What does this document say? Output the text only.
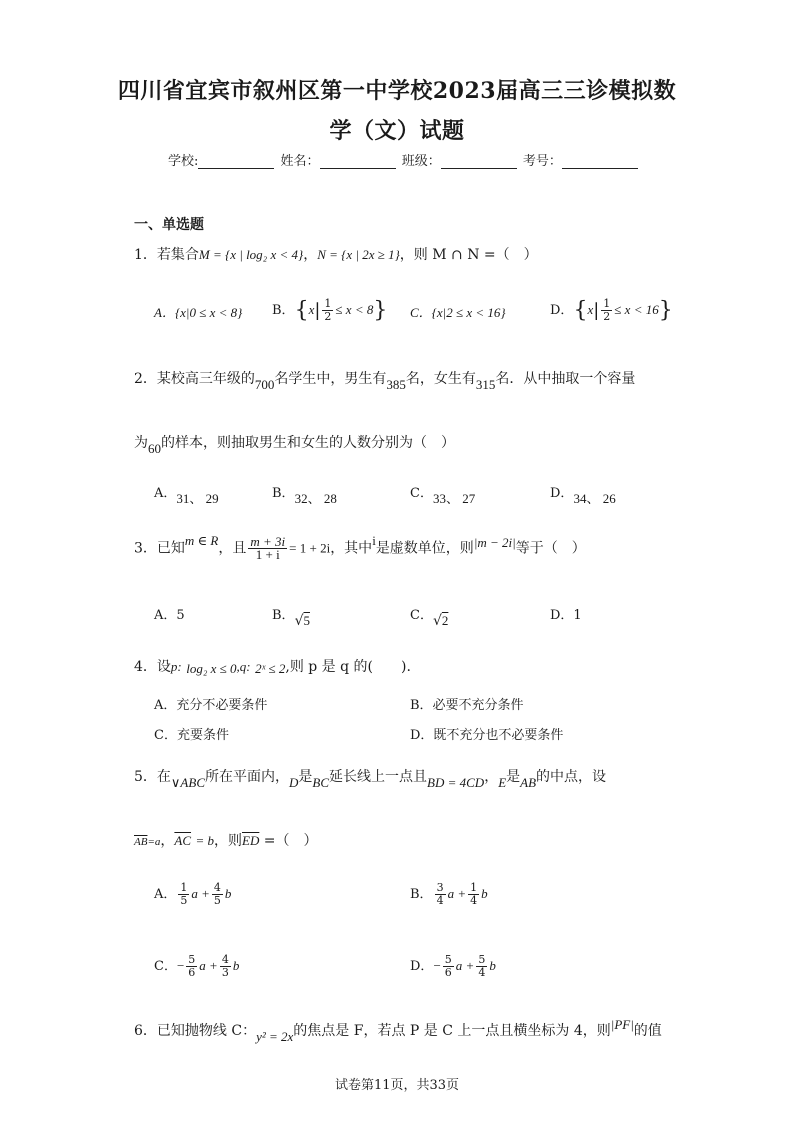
四川省宜宾市叙州区第一中学校2023届高三三诊模拟数
学（文）试题
学校:	姓名：	班级：	考号：
一、单选题
1．若集合M = {x | log₂ x < 4}，N = {x | 2x ≥ 1}，则 M ∩ N =（　）
A．{x|0 ≤ x < 8} B．$\{x| \frac{1}{2} \le x < 8\}$ C．{x|2 ≤ x < 16}	D．$\{x| \frac{1}{2} \le x < 16\}$
2．某校高三年级的700名学生中，男生有385名，女生有315名．从中抽取一个容量
为60的样本，则抽取男生和女生的人数分别为（　）
A．31、 29	B．32、 28	C．33、 27	D．34、 26
3．已知m ∈ R，且 $\frac{m + 3i}{1 + i} = 1 + 2i$，其中i是虚数单位，则|m − 2i|等于（　）
A．5	B．√5	C．√2	D．1
4．设p: log₂ x ≤ 0,q: 2ˣ ≤ 2,则 p 是 q 的(　　).
A．充分不必要条件	B．必要不充分条件
C．充要条件	D．既不充分也不必要条件
5．在∨ABC所在平面内，D是BC延长线上一点且BD = 4CD，E是AB的中点，设
$\overline{AB}=a$，$\overline{AC} = b$，则$\overline{ED}$ =（　）
A． $\frac{1}{5}$ $a + \frac{4}{5}$ b	B． $\frac{3}{4}$ $a + \frac{1}{4}$ b
C．− $\frac{5}{6}$ $a + \frac{4}{3}$ b	D．− $\frac{5}{6}$ $a + \frac{5}{4}$ b
6．已知抛物线 C：y² = 2x的焦点是 F，若点 P 是 C 上一点且横坐标为 4，则|PF|的值
试卷第11页，共33页
